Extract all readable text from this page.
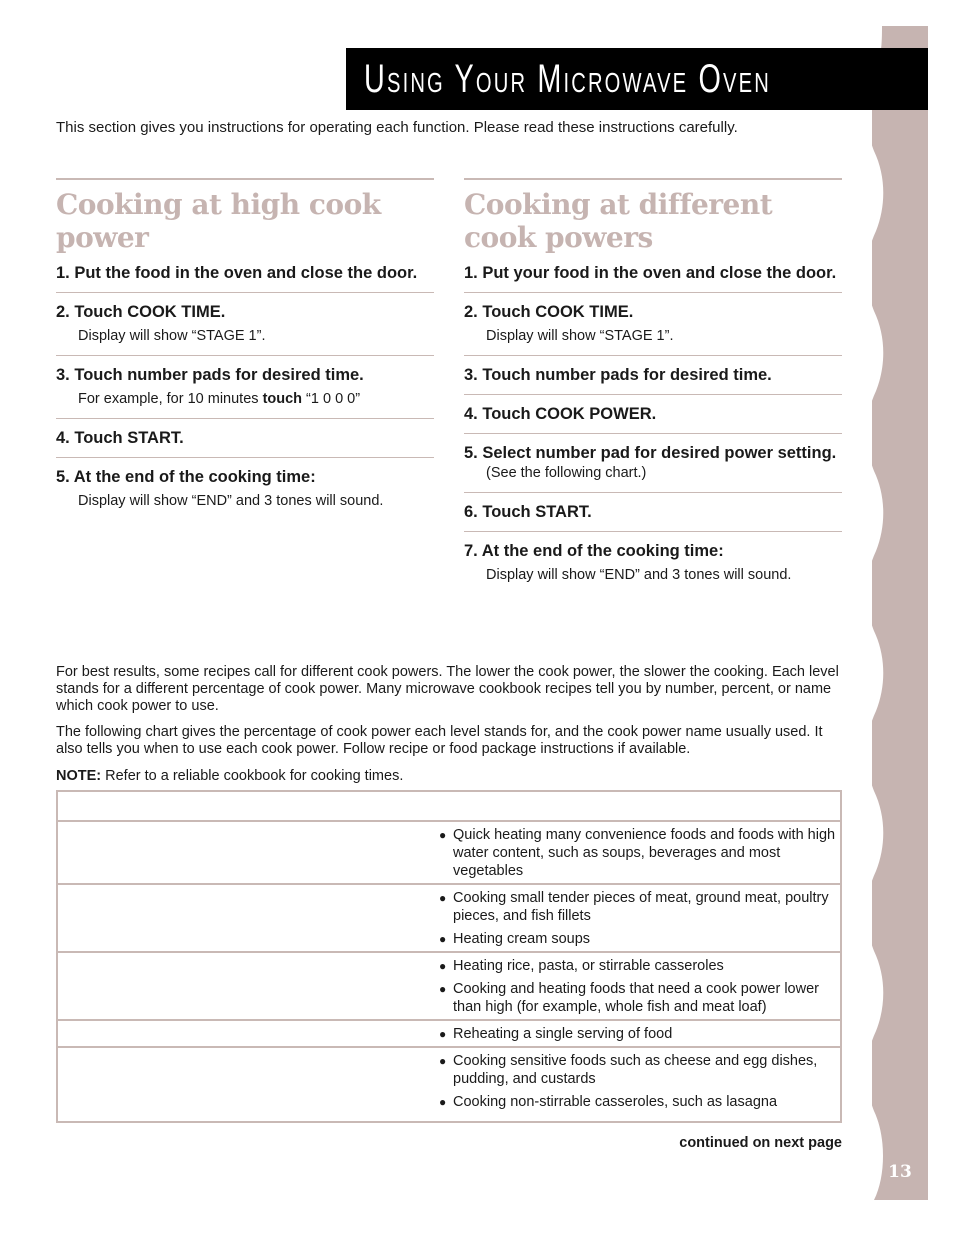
Using Your Microwave Oven
This section gives you instructions for operating each function. Please read these instructions carefully.
Cooking at high cook power
1. Put the food in the oven and close the door.
2. Touch COOK TIME.
Display will show “STAGE 1”.
3. Touch number pads for desired time.
For example, for 10 minutes touch “1 0 0 0”
4. Touch START.
5. At the end of the cooking time:
Display will show “END” and 3 tones will sound.
Cooking at different cook powers
1. Put your food in the oven and close the door.
2. Touch COOK TIME.
Display will show “STAGE 1”.
3. Touch number pads for desired time.
4. Touch COOK POWER.
5. Select number pad for desired power setting.
(See the following chart.)
6. Touch START.
7. At the end of the cooking time:
Display will show “END” and 3 tones will sound.
For best results, some recipes call for different cook powers. The lower the cook power, the slower the cooking. Each level stands for a different percentage of cook power. Many microwave cookbook recipes tell you by number, percent, or name which cook power to use.
The following chart gives the percentage of cook power each level stands for, and the cook power name usually used. It also tells you when to use each cook power. Follow recipe or food package instructions if available.
NOTE: Refer to a reliable cookbook for cooking times.
● Quick heating many convenience foods and foods with high water content, such as soups, beverages and most vegetables
● Cooking small tender pieces of meat, ground meat, poultry pieces, and fish fillets
● Heating cream soups
● Heating rice, pasta, or stirrable casseroles
● Cooking and heating foods that need a cook power lower than high (for example, whole fish and meat loaf)
● Reheating a single serving of food
● Cooking sensitive foods such as cheese and egg dishes, pudding, and custards
● Cooking non-stirrable casseroles, such as lasagna
continued on next page
13
